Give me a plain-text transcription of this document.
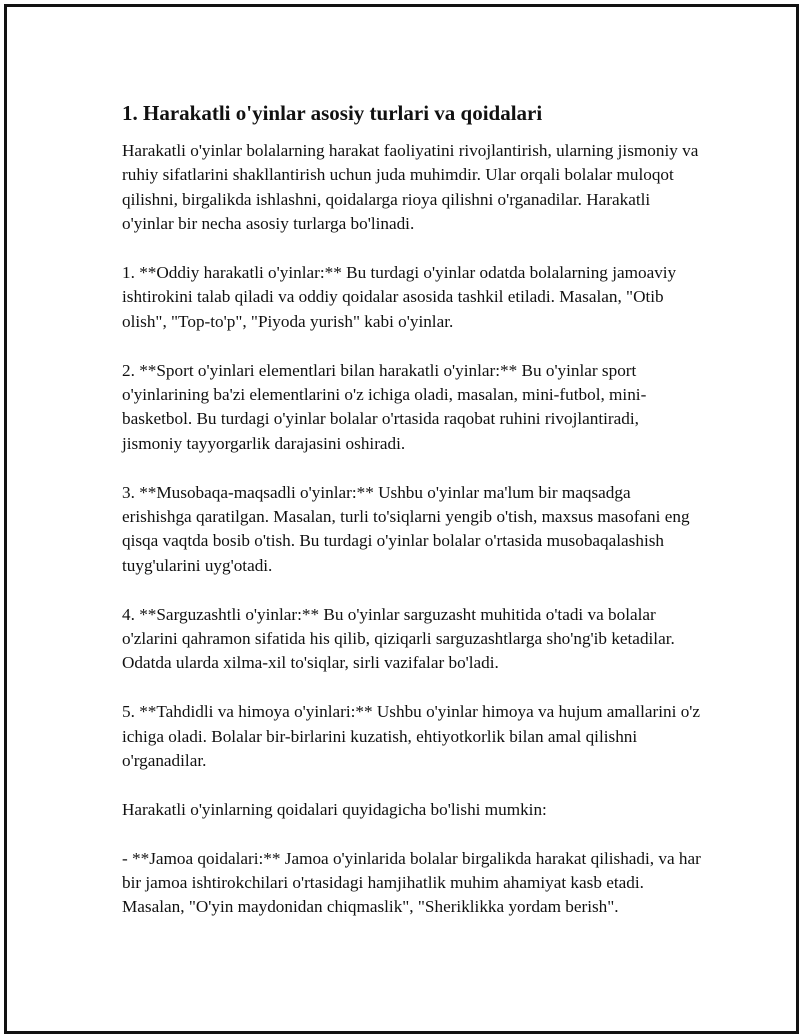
1. Harakatli o'yinlar asosiy turlari va qoidalari

Harakatli o'yinlar bolalarning harakat faoliyatini rivojlantirish, ularning jismoniy va ruhiy sifatlarini shakllantirish uchun juda muhimdir. Ular orqali bolalar muloqot qilishni, birgalikda ishlashni, qoidalarga rioya qilishni o'rganadilar. Harakatli o'yinlar bir necha asosiy turlarga bo'linadi.

1. **Oddiy harakatli o'yinlar:** Bu turdagi o'yinlar odatda bolalarning jamoaviy ishtirokini talab qiladi va oddiy qoidalar asosida tashkil etiladi. Masalan, "Otib olish", "Top-to'p", "Piyoda yurish" kabi o'yinlar.

2. **Sport o'yinlari elementlari bilan harakatli o'yinlar:** Bu o'yinlar sport o'yinlarining ba'zi elementlarini o'z ichiga oladi, masalan, mini-futbol, mini-basketbol. Bu turdagi o'yinlar bolalar o'rtasida raqobat ruhini rivojlantiradi, jismoniy tayyorgarlik darajasini oshiradi.

3. **Musobaqa-maqsadli o'yinlar:** Ushbu o'yinlar ma'lum bir maqsadga erishishga qaratilgan. Masalan, turli to'siqlarni yengib o'tish, maxsus masofani eng qisqa vaqtda bosib o'tish. Bu turdagi o'yinlar bolalar o'rtasida musobaqalashish tuyg'ularini uyg'otadi.

4. **Sarguzashtli o'yinlar:** Bu o'yinlar sarguzasht muhitida o'tadi va bolalar o'zlarini qahramon sifatida his qilib, qiziqarli sarguzashtlarga sho'ng'ib ketadilar. Odatda ularda xilma-xil to'siqlar, sirli vazifalar bo'ladi.

5. **Tahdidli va himoya o'yinlari:** Ushbu o'yinlar himoya va hujum amallarini o'z ichiga oladi. Bolalar bir-birlarini kuzatish, ehtiyotkorlik bilan amal qilishni o'rganadilar.

Harakatli o'yinlarning qoidalari quyidagicha bo'lishi mumkin:

- **Jamoa qoidalari:** Jamoa o'yinlarida bolalar birgalikda harakat qilishadi, va har bir jamoa ishtirokchilari o'rtasidagi hamjihatlik muhim ahamiyat kasb etadi. Masalan, "O'yin maydonidan chiqmaslik", "Sheriklikka yordam berish".
